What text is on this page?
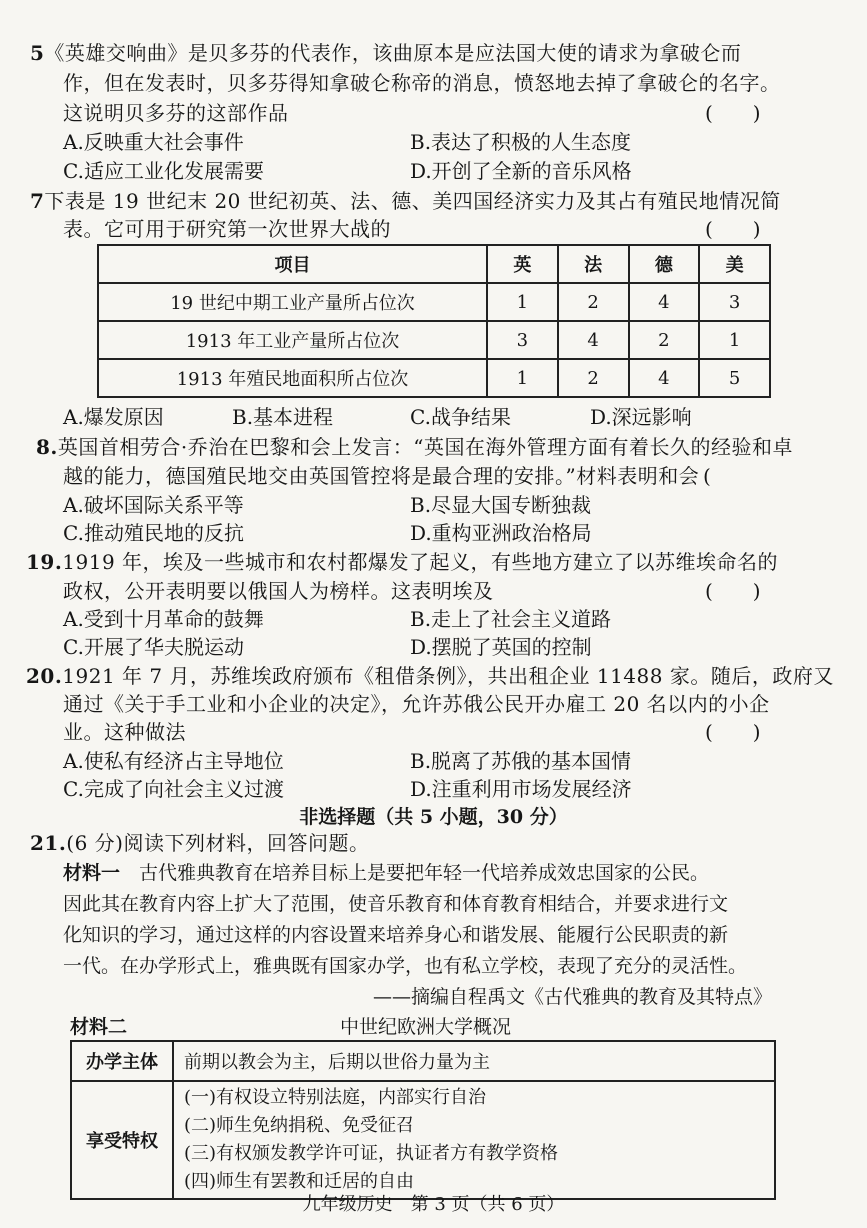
5《英雄交响曲》是贝多芬的代表作，该曲原本是应法国大使的请求为拿破仑而
作，但在发表时，贝多芬得知拿破仑称帝的消息，愤怒地去掉了拿破仑的名字。
这说明贝多芬的这部作品	(　　)
A.反映重大社会事件	B.表达了积极的人生态度
C.适应工业化发展需要	D.开创了全新的音乐风格
7下表是 19 世纪末 20 世纪初英、法、德、美四国经济实力及其占有殖民地情况简
表。它可用于研究第一次世界大战的	(　　)
项目	英	法	德	美
19 世纪中期工业产量所占位次	1	2	4	3
1913 年工业产量所占位次	3	4	2	1
1913 年殖民地面积所占位次	1	2	4	5
A.爆发原因	B.基本进程	C.战争结果	D.深远影响
8.英国首相劳合·乔治在巴黎和会上发言：“英国在海外管理方面有着长久的经验和卓
越的能力，德国殖民地交由英国管控将是最合理的安排。”材料表明和会 (
A.破坏国际关系平等	B.尽显大国专断独裁
C.推动殖民地的反抗	D.重构亚洲政治格局
19.1919 年，埃及一些城市和农村都爆发了起义，有些地方建立了以苏维埃命名的
政权，公开表明要以俄国人为榜样。这表明埃及	(　　)
A.受到十月革命的鼓舞	B.走上了社会主义道路
C.开展了华夫脱运动	D.摆脱了英国的控制
20.1921 年 7 月，苏维埃政府颁布《租借条例》，共出租企业 11488 家。随后，政府又
通过《关于手工业和小企业的决定》，允许苏俄公民开办雇工 20 名以内的小企
业。这种做法	(　　)
A.使私有经济占主导地位	B.脱离了苏俄的基本国情
C.完成了向社会主义过渡	D.注重利用市场发展经济
非选择题（共 5 小题，30 分）
21.(6 分)阅读下列材料，回答问题。
材料一　 古代雅典教育在培养目标上是要把年轻一代培养成效忠国家的公民。
因此其在教育内容上扩大了范围，使音乐教育和体育教育相结合，并要求进行文
化知识的学习，通过这样的内容设置来培养身心和谐发展、能履行公民职责的新
一代。在办学形式上，雅典既有国家办学，也有私立学校，表现了充分的灵活性。
——摘编自程禹文《古代雅典的教育及其特点》
材料二	中世纪欧洲大学概况
办学主体	前期以教会为主，后期以世俗力量为主
享受特权	(一)有权设立特别法庭，内部实行自治
(二)师生免纳捐税、免受征召
(三)有权颁发教学许可证，执证者方有教学资格
(四)师生有罢教和迁居的自由
九年级历史　第 3 页（共 6 页）
